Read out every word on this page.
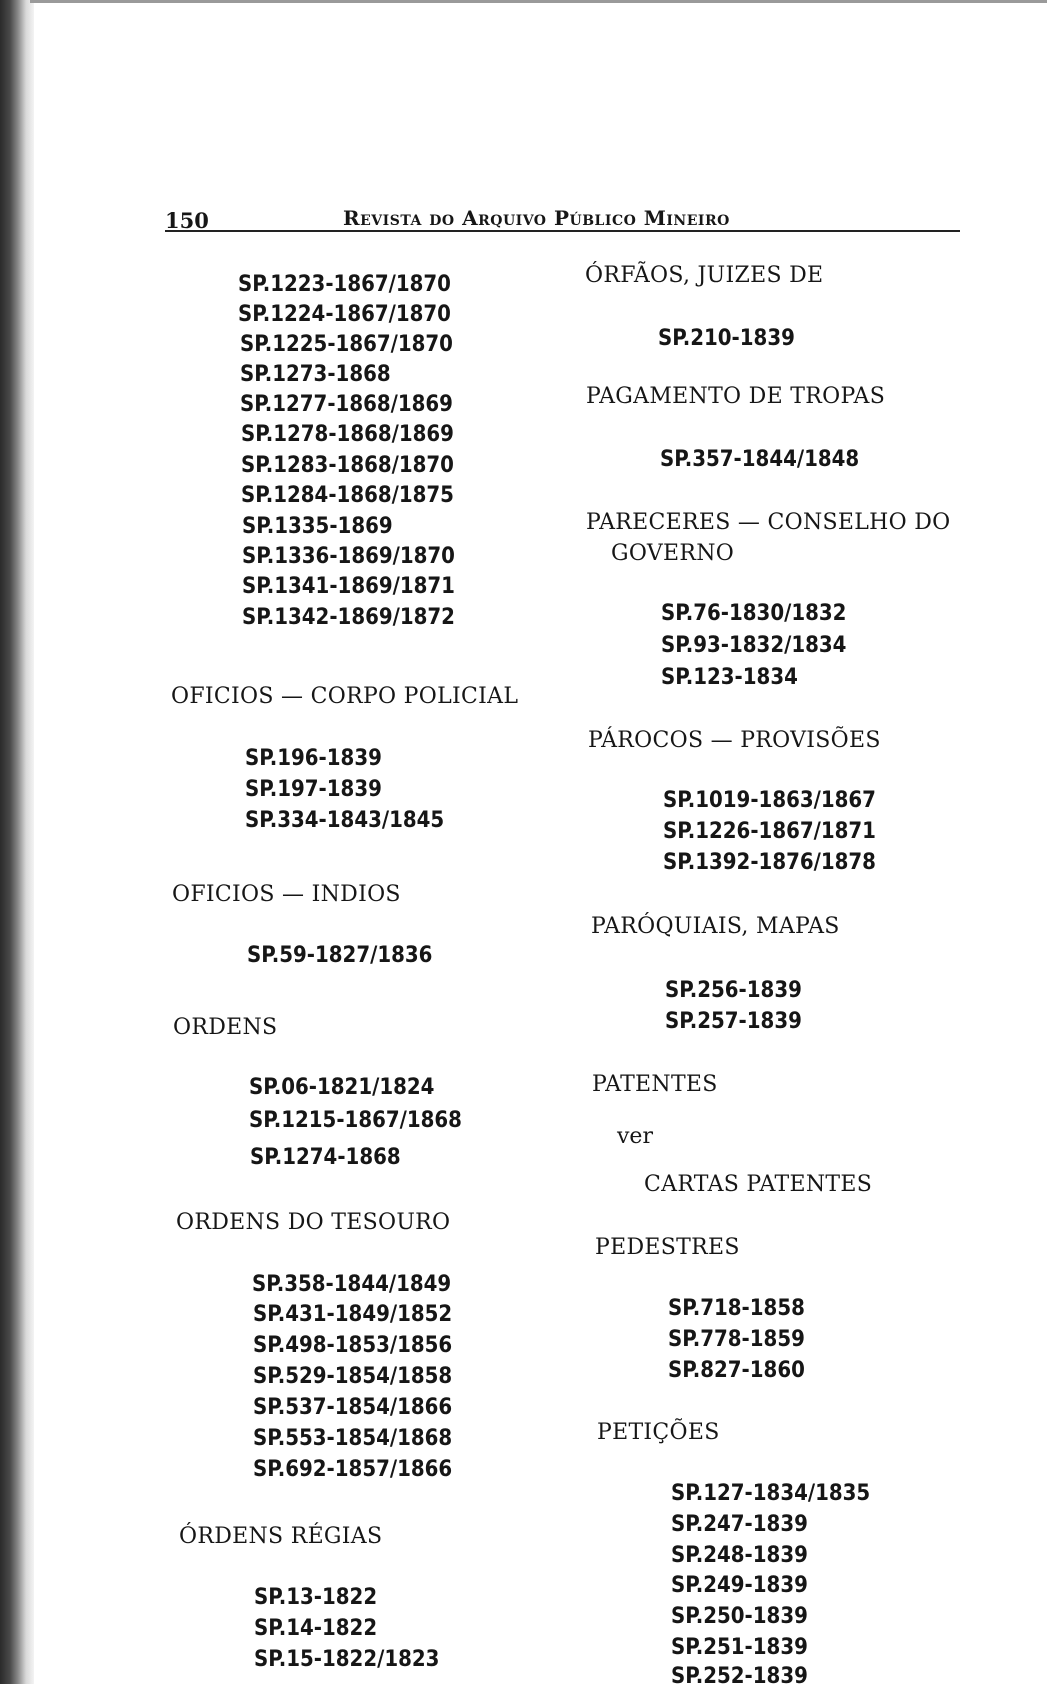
150	Revista do Arquivo Público Mineiro
SP.1223-1867/1870
SP.1224-1867/1870
SP.1225-1867/1870
SP.1273-1868
SP.1277-1868/1869
SP.1278-1868/1869
SP.1283-1868/1870
SP.1284-1868/1875
SP.1335-1869
SP.1336-1869/1870
SP.1341-1869/1871
SP.1342-1869/1872
OFICIOS — CORPO POLICIAL
SP.196-1839
SP.197-1839
SP.334-1843/1845
OFICIOS — INDIOS
SP.59-1827/1836
ORDENS
SP.06-1821/1824
SP.1215-1867/1868
SP.1274-1868
ORDENS DO TESOURO
SP.358-1844/1849
SP.431-1849/1852
SP.498-1853/1856
SP.529-1854/1858
SP.537-1854/1866
SP.553-1854/1868
SP.692-1857/1866
ÓRDENS RÉGIAS
SP.13-1822
SP.14-1822
SP.15-1822/1823
ÓRFÃOS, JUIZES DE
SP.210-1839
PAGAMENTO DE TROPAS
SP.357-1844/1848
PARECERES — CONSELHO DO
GOVERNO
SP.76-1830/1832
SP.93-1832/1834
SP.123-1834
PÁROCOS — PROVISÕES
SP.1019-1863/1867
SP.1226-1867/1871
SP.1392-1876/1878
PARÓQUIAIS, MAPAS
SP.256-1839
SP.257-1839
PATENTES
ver
CARTAS PATENTES
PEDESTRES
SP.718-1858
SP.778-1859
SP.827-1860
PETIÇÕES
SP.127-1834/1835
SP.247-1839
SP.248-1839
SP.249-1839
SP.250-1839
SP.251-1839
SP.252-1839
